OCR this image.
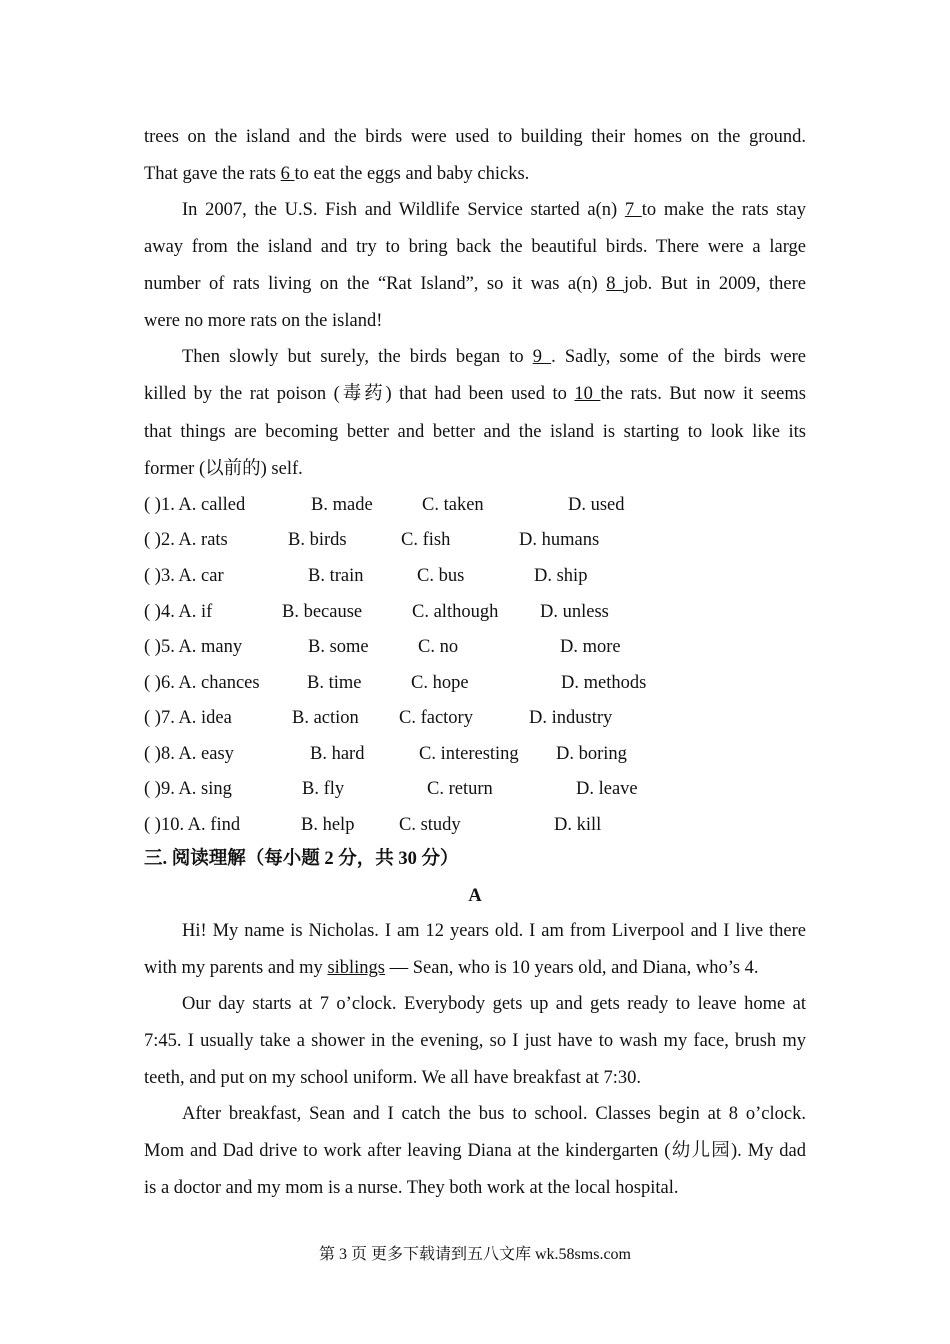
trees on the island and the birds were used to building their homes on the ground.
That gave the rats 6 to eat the eggs and baby chicks.
In 2007, the U.S. Fish and Wildlife Service started a(n) 7 to make the rats stay
away from the island and try to bring back the beautiful birds. There were a large
number of rats living on the “Rat Island”, so it was a(n) 8 job. But in 2009, there
were no more rats on the island!
Then slowly but surely, the birds began to 9 . Sadly, some of the birds were
killed by the rat poison (毒药) that had been used to 10 the rats. But now it seems
that things are becoming better and better and the island is starting to look like its
former (以前的) self.
( )1. A. called	B. made	C. taken	D. used
( )2. A. rats	B. birds	C. fish	D. humans
( )3. A. car	B. train	C. bus	D. ship
( )4. A. if	B. because	C. although D. unless
( )5. A. many	B. some	C. no	D. more
( )6. A. chances	B. time	C. hope	D. methods
( )7. A. idea	B. action C. factory	D. industry
( )8. A. easy	B. hard	C. interesting D. boring
( )9. A. sing	B. fly	C. return	D. leave
( )10. A. find	B. help C. study	D. kill
三. 阅读理解（每小题 2 分，共 30 分）
A
Hi! My name is Nicholas. I am 12 years old. I am from Liverpool and I live there
with my parents and my siblings — Sean, who is 10 years old, and Diana, who’s 4.
Our day starts at 7 o’clock. Everybody gets up and gets ready to leave home at
7:45. I usually take a shower in the evening, so I just have to wash my face, brush my
teeth, and put on my school uniform. We all have breakfast at 7:30.
After breakfast, Sean and I catch the bus to school. Classes begin at 8 o’clock.
Mom and Dad drive to work after leaving Diana at the kindergarten (幼儿园). My dad
is a doctor and my mom is a nurse. They both work at the local hospital.
第 3 页 更多下载请到五八文库 wk.58sms.com
